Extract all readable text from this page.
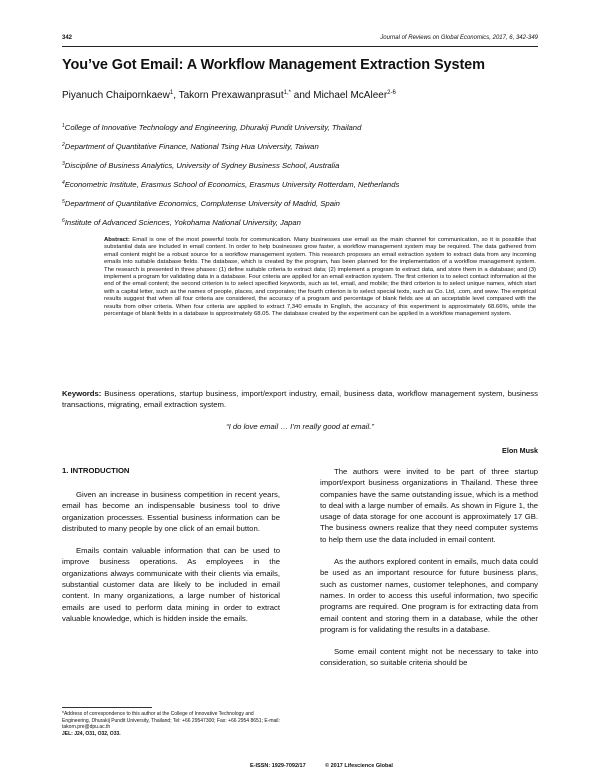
342	Journal of Reviews on Global Economics, 2017, 6, 342-349
You’ve Got Email: A Workflow Management Extraction System
Piyanuch Chaipornkaew$^1$, Takorn Prexawanprasut$^{1,*}$ and Michael McAleer$^{2-6}$
$^1$College of Innovative Technology and Engineering, Dhurakij Pundit University, Thailand
$^2$Department of Quantitative Finance, National Tsing Hua University, Taiwan
$^3$Discipline of Business Analytics, University of Sydney Business School, Australia
$^4$Econometric Institute, Erasmus School of Economics, Erasmus University Rotterdam, Netherlands
$^5$Department of Quantitative Economics, Complutense University of Madrid, Spain
$^6$Institute of Advanced Sciences, Yokohama National University, Japan
Abstract: Email is one of the most powerful tools for communication. Many businesses use email as the main channel for communication, so it is possible that substantial data are included in email content. In order to help businesses grow faster, a workflow management system may be required. The data gathered from email content might be a robust source for a workflow management system. This research proposes an email extraction system to extract data from any incoming emails into suitable database fields. The database, which is created by the program, has been planned for the implementation of a workflow management system. The research is presented in three phases: (1) define suitable criteria to extract data; (2) implement a program to extract data, and store them in a database; and (3) implement a program for validating data in a database. Four criteria are applied for an email extraction system. The first criterion is to select contact information at the end of the email content; the second criterion is to select specified keywords, such as tel, email, and mobile; the third criterion is to select unique names, which start with a capital letter, such as the names of people, places, and corporates; the fourth criterion is to select special texts, such as Co. Ltd, .com, and www. The empirical results suggest that when all four criteria are considered, the accuracy of a program and percentage of blank fields are at an acceptable level compared with the results from other criteria. When four criteria are applied to extract 7,340 emails in English, the accuracy of this experiment is approximately 68.66%, while the percentage of blank fields in a database is approximately 68.05. The database created by the experiment can be applied in a workflow management system.
Keywords: Business operations, startup business, import/export industry, email, business data, workflow management system, business transactions, migrating, email extraction system.
“I do love email … I’m really good at email.”
Elon Musk
1. INTRODUCTION

Given an increase in business competition in recent years, email has become an indispensable business tool to drive organization processes. Essential business information can be distributed to many people by one click of an email button.

Emails contain valuable information that can be used to improve business operations. As employees in the organizations always communicate with their clients via emails, substantial customer data are likely to be included in email content. In many organizations, a large number of historical emails are used to perform data mining in order to extract valuable knowledge, which is hidden inside the emails.

The authors were invited to be part of three startup import/export business organizations in Thailand. These three companies have the same outstanding issue, which is a method to deal with a large number of emails. As shown in Figure 1, the usage of data storage for one account is approximately 17 GB. The business owners realize that they need computer systems to help them use the data included in email content.

As the authors explored content in emails, much data could be used as an important resource for future business plans, such as customer names, customer telephones, and company names. In order to access this useful information, two specific programs are required. One program is for extracting data from email content and storing them in a database, while the other program is for validating the results in a database.

Some email content might not be necessary to take into consideration, so suitable criteria should be

*Address of correspondence to this author at the College of Innovative Technology and Engineering, Dhurakij Pundit University, Thailand; Tel: +66 29547300; Fax: +66 2954 8651; E-mail: takorn.pre@dpu.ac.th
JEL: J24, O31, O32, O33.
E-ISSN: 1929-7092/17	© 2017 Lifescience Global
